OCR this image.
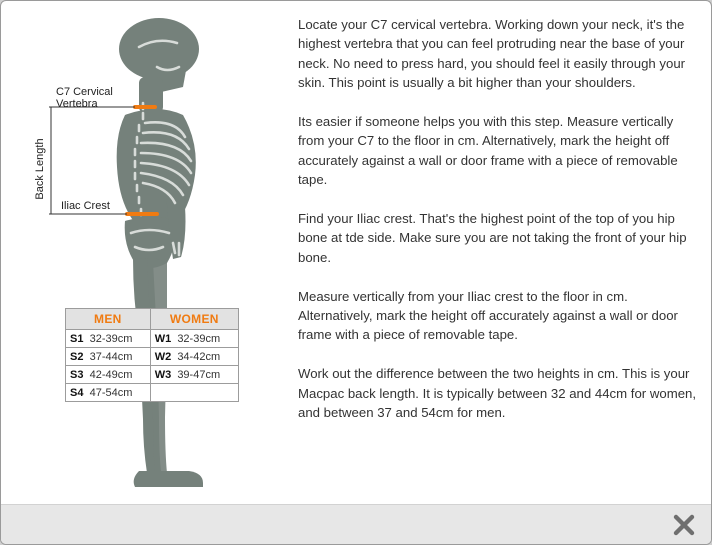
C7 Cervical
Vertebra
Iliac Crest
Back Length
MEN	WOMEN
S1 32-39cm	W1 32-39cm
S2 37-44cm	W2 34-42cm
S3 42-49cm	W3 39-47cm
S4 47-54cm	

Locate your C7 cervical vertebra. Working down your neck, it's the highest vertebra that you can feel protruding near the base of your neck. No need to press hard, you should feel it easily through your skin. This point is usually a bit higher than your shoulders.

Its easier if someone helps you with this step. Measure vertically from your C7 to the floor in cm. Alternatively, mark the height off accurately against a wall or door frame with a piece of removable tape.

Find your Iliac crest. That's the highest point of the top of you hip bone at tde side. Make sure you are not taking the front of your hip bone.

Measure vertically from your Iliac crest to the floor in cm. Alternatively, mark the height off accurately against a wall or door frame with a piece of removable tape.

Work out the difference between the two heights in cm. This is your Macpac back length. It is typically between 32 and 44cm for women, and between 37 and 54cm for men.
